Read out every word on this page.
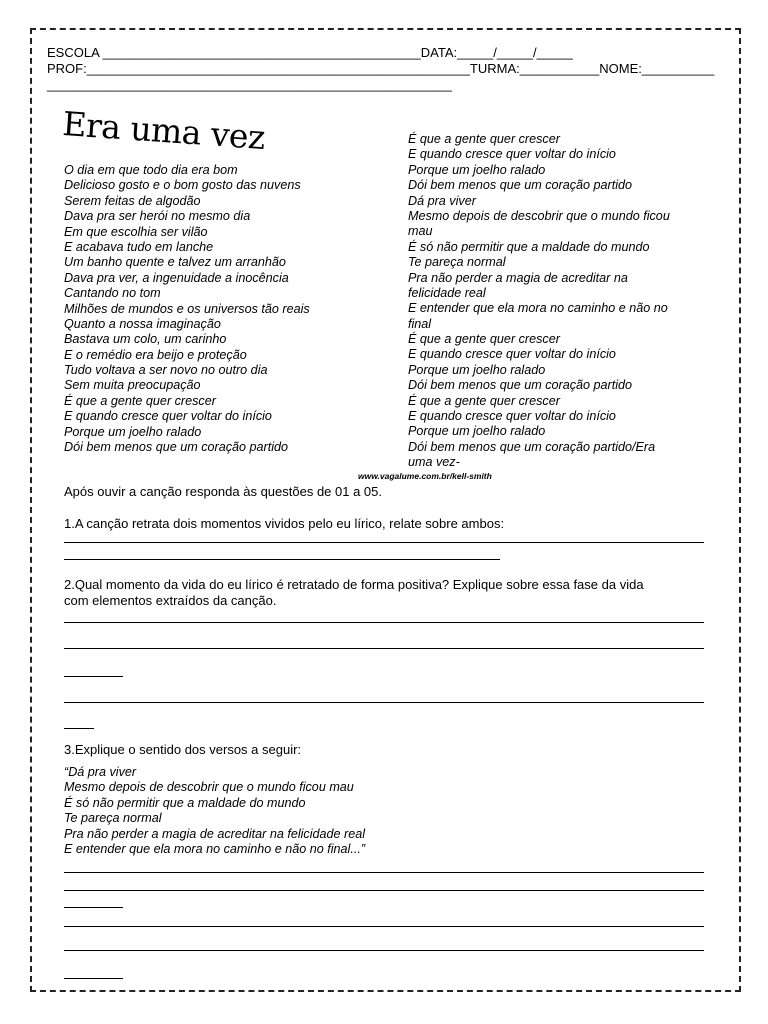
ESCOLA ____________________________________________DATA:_____/_____/_____
PROF:_____________________________________________________TURMA:___________NOME:__________
________________________________________________________
Era uma vez
O dia em que todo dia era bom
Delicioso gosto e o bom gosto das nuvens
Serem feitas de algodão
Dava pra ser herói no mesmo dia
Em que escolhia ser vilão
E acabava tudo em lanche
Um banho quente e talvez um arranhão
Dava pra ver, a ingenuidade a inocência
Cantando no tom
Milhões de mundos e os universos tão reais
Quanto a nossa imaginação
Bastava um colo, um carinho
E o remédio era beijo e proteção
Tudo voltava a ser novo no outro dia
Sem muita preocupação
É que a gente quer crescer
E quando cresce quer voltar do início
Porque um joelho ralado
Dói bem menos que um coração partido
É que a gente quer crescer
E quando cresce quer voltar do início
Porque um joelho ralado
Dói bem menos que um coração partido
Dá pra viver
Mesmo depois de descobrir que o mundo ficou
mau
É só não permitir que a maldade do mundo
Te pareça normal
Pra não perder a magia de acreditar na
felicidade real
E entender que ela mora no caminho e não no
final
É que a gente quer crescer
E quando cresce quer voltar do início
Porque um joelho ralado
Dói bem menos que um coração partido
É que a gente quer crescer
E quando cresce quer voltar do início
Porque um joelho ralado
Dói bem menos que um coração partido/Era
uma vez-
www.vagalume.com.br/kell-smith
Após ouvir a canção responda às questões de 01 a 05.
1.A canção retrata dois momentos vividos pelo eu lírico, relate sobre ambos:
2.Qual momento da vida do eu lírico é retratado de forma positiva? Explique sobre essa fase da vida
com elementos extraídos da canção.
3.Explique o sentido dos versos a seguir:
“Dá pra viver
Mesmo depois de descobrir que o mundo ficou mau
É só não permitir que a maldade do mundo
Te pareça normal
Pra não perder a magia de acreditar na felicidade real
E entender que ela mora no caminho e não no final...”
